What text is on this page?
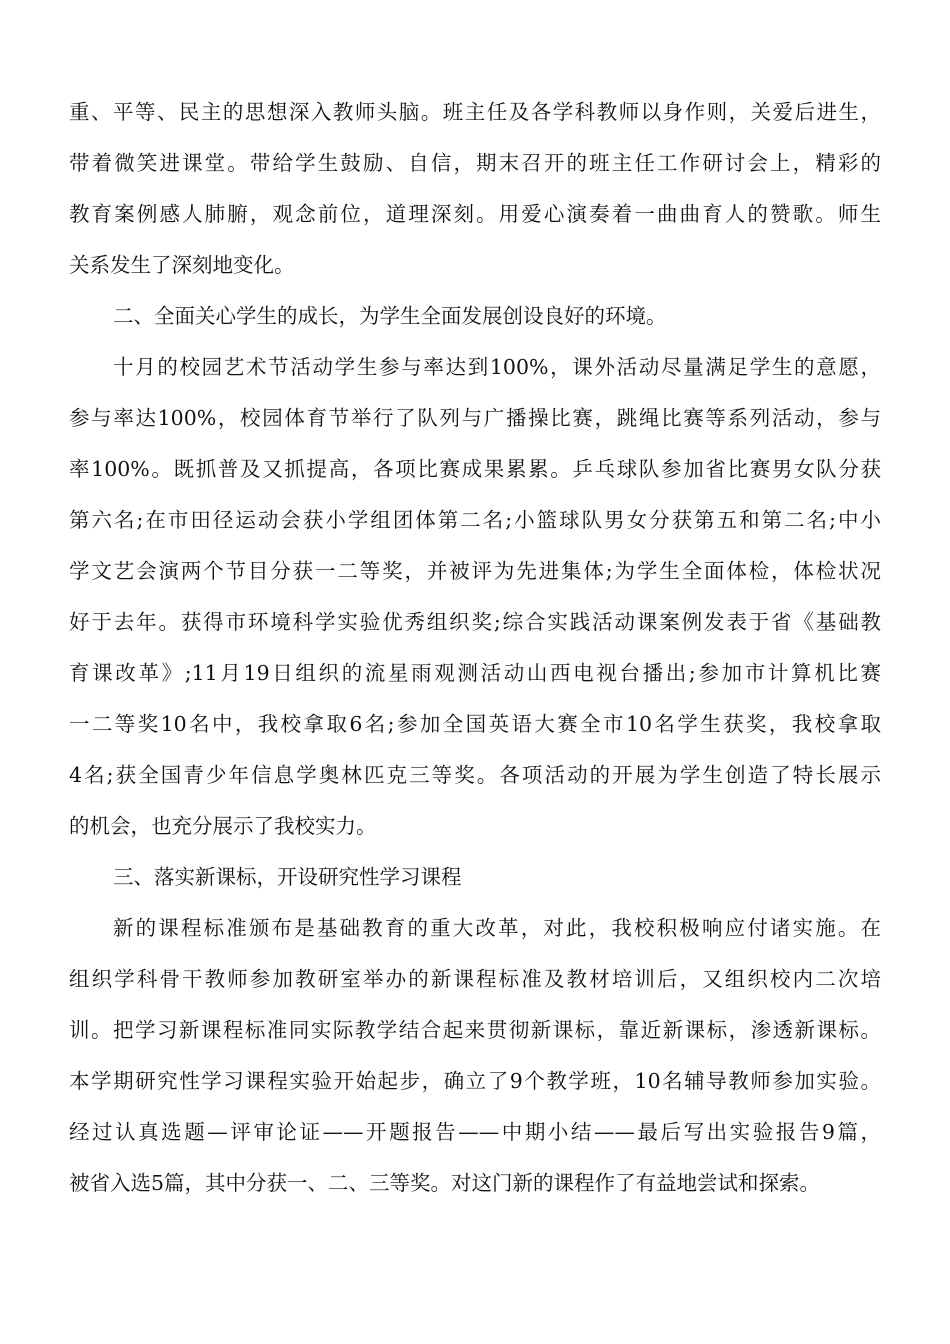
重、平等、民主的思想深入教师头脑。班主任及各学科教师以身作则，关爱后进生，
带着微笑进课堂。带给学生鼓励、自信，期末召开的班主任工作研讨会上，精彩的
教育案例感人肺腑，观念前位，道理深刻。用爱心演奏着一曲曲育人的赞歌。师生
关系发生了深刻地变化。
二、全面关心学生的成长，为学生全面发展创设良好的环境。
十月的校园艺术节活动学生参与率达到100%，课外活动尽量满足学生的意愿，
参与率达100%，校园体育节举行了队列与广播操比赛，跳绳比赛等系列活动，参与
率100%。既抓普及又抓提高，各项比赛成果累累。乒乓球队参加省比赛男女队分获
第六名;在市田径运动会获小学组团体第二名;小篮球队男女分获第五和第二名;中小
学文艺会演两个节目分获一二等奖，并被评为先进集体;为学生全面体检，体检状况
好于去年。获得市环境科学实验优秀组织奖;综合实践活动课案例发表于省《基础教
育课改革》;11月19日组织的流星雨观测活动山西电视台播出;参加市计算机比赛
一二等奖10名中，我校拿取6名;参加全国英语大赛全市10名学生获奖，我校拿取
4名;获全国青少年信息学奥林匹克三等奖。各项活动的开展为学生创造了特长展示
的机会，也充分展示了我校实力。
三、落实新课标，开设研究性学习课程
新的课程标准颁布是基础教育的重大改革，对此，我校积极响应付诸实施。在
组织学科骨干教师参加教研室举办的新课程标准及教材培训后，又组织校内二次培
训。把学习新课程标准同实际教学结合起来贯彻新课标，靠近新课标，渗透新课标。
本学期研究性学习课程实验开始起步，确立了9个教学班，10名辅导教师参加实验。
经过认真选题—评审论证——开题报告——中期小结——最后写出实验报告9篇，
被省入选5篇，其中分获一、二、三等奖。对这门新的课程作了有益地尝试和探索。
